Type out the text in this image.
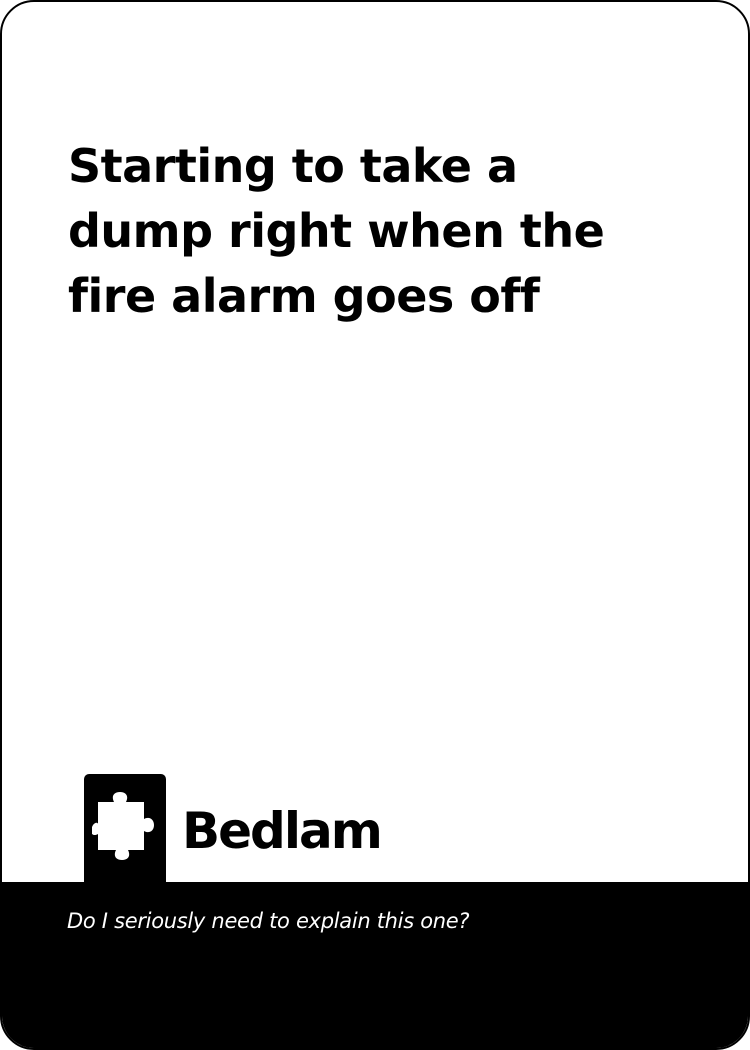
Starting to take a dump right when the fire alarm goes off

Do I seriously need to explain this one?

Bedlam
